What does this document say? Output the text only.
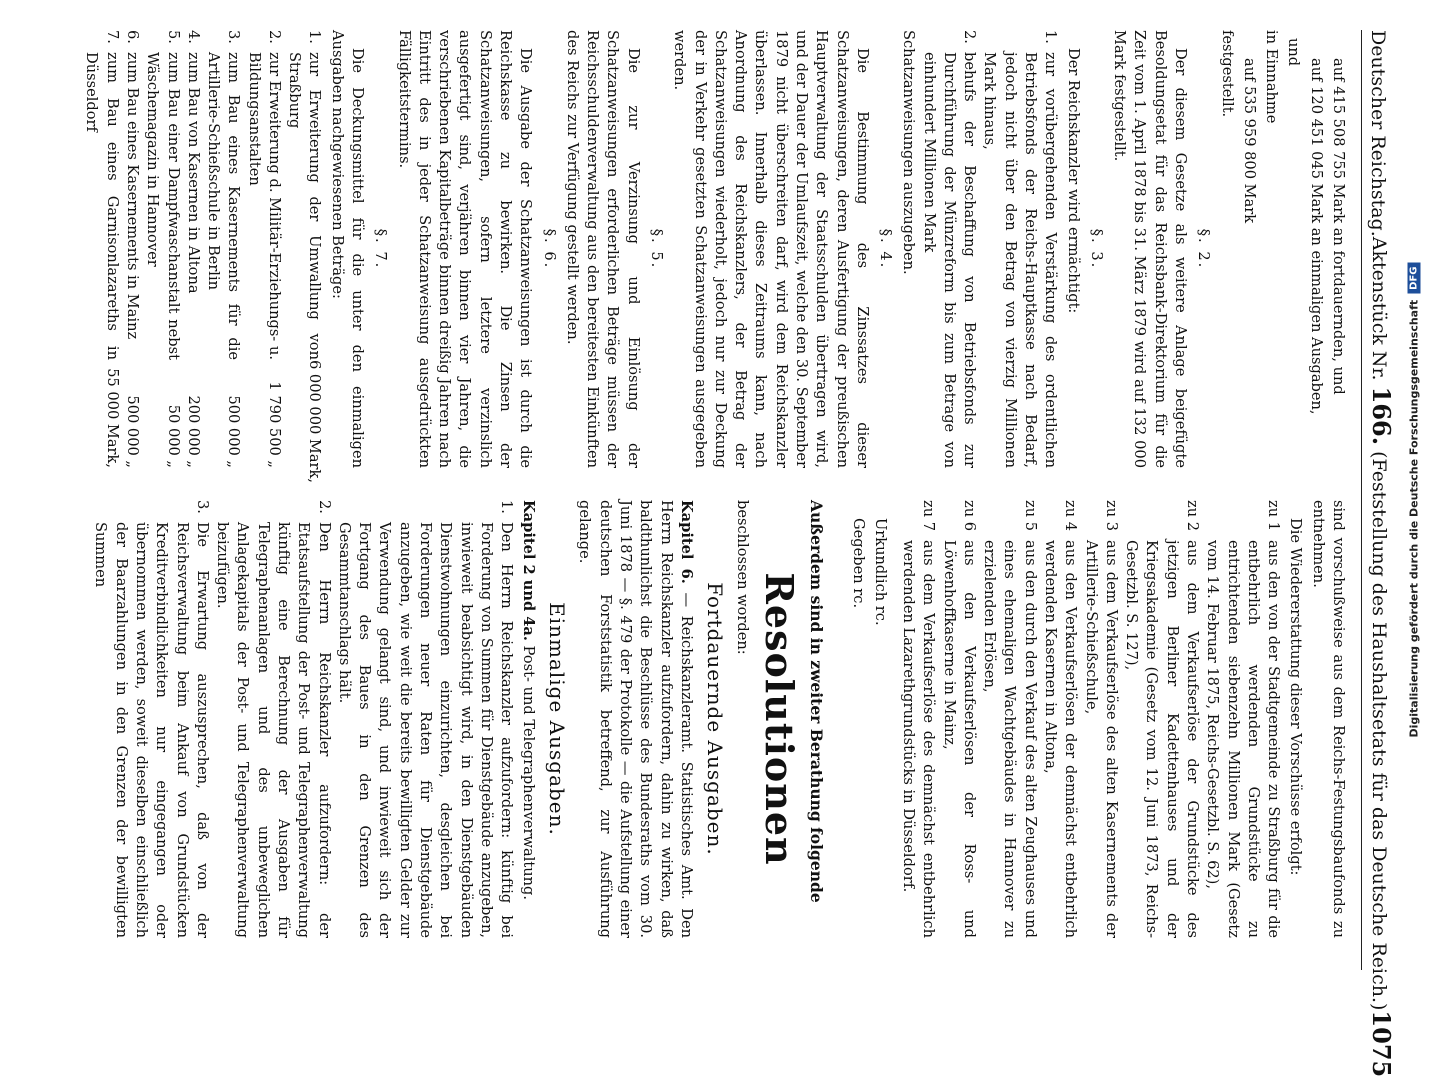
Deutscher Reichstag.
Aktenstück Nr. 166. (Feststellung des Haushaltsetats für das Deutsche Reich.)
1075

auf 415 508 755 Mark an fortdauernden, und

auf 120 451 045 Mark an einmaligen Ausgaben,

und

in Einnahme

auf 535 959 800 Mark

festgestellt.

§. 2.

Der diesem Gesetze als weitere Anlage beigefügte Besoldungsetat für das Reichsbank-Direktorium für die Zeit vom 1. April 1878 bis 31. März 1879 wird auf 132 000 Mark festgestellt.

§. 3.

Der Reichskanzler wird ermächtigt:

1.
zur vorübergehenden Verstärkung des ordentlichen Betriebsfonds der Reichs-Hauptkasse nach Bedarf, jedoch nicht über den Betrag von vierzig Millionen Mark hinaus,
2.
behufs der Beschaffung von Betriebsfonds zur Durchführung der Münzreform bis zum Betrage von einhundert Millionen Mark

Schatzanweisungen auszugeben.

§. 4.

Die Bestimmung des Zinssatzes dieser Schatzanweisungen, deren Ausfertigung der preußischen Hauptverwaltung der Staatsschulden übertragen wird, und der Dauer der Umlaufszeit, welche den 30. September 1879 nicht überschreiten darf, wird dem Reichskanzler überlassen. Innerhalb dieses Zeitraums kann, nach Anordnung des Reichskanzlers, der Betrag der Schatzanweisungen wiederholt, jedoch nur zur Deckung der in Verkehr gesetzten Schatzanweisungen ausgegeben werden.

§. 5.

Die zur Verzinsung und Einlösung der Schatzanweisungen erforderlichen Beträge müssen der Reichsschuldenverwaltung aus den bereitesten Einkünften des Reichs zur Verfügung gestellt werden.

§. 6.

Die Ausgabe der Schatzanweisungen ist durch die Reichskasse zu bewirken. Die Zinsen der Schatzanweisungen, sofern letztere verzinslich ausgefertigt sind, verjähren binnen vier Jahren, die verschriebenen Kapitalbeträge binnen dreißig Jahren nach Eintritt des in jeder Schatzanweisung ausgedrückten Fälligkeitstermins.

§. 7.

Die Deckungsmittel für die unter den einmaligen Ausgaben nachgewiesenen Beträge:

1.
zur Erweiterung der Umwallung von Straßburg
6 000 000 Mark,
2.
zur Erweiterung d. Militär-Erziehungs- u. Bildungsanstalten
1 790 500 „
3.
zum Bau eines Kasernements für die Artillerie-Schießschule in Berlin
500 000 „
4.
zum Bau von Kasernen in Altona
200 000 „
5.
zum Bau einer Dampfwaschanstalt nebst Wäschemagazin in Hannover
50 000 „
6.
zum Bau eines Kasernements in Mainz
500 000 „
7.
zum Bau eines Garnisonlazareths in Düsseldorf
55 000 Mark,

sind vorschußweise aus dem Reichs-Festungsbaufonds zu entnehmen.

Die Wiedererstattung dieser Vorschüsse erfolgt:

zu 1
aus den von der Stadtgemeinde zu Straßburg für die entbehrlich werdenden Grundstücke zu entrichtenden siebenzehn Millionen Mark (Gesetz vom 14. Februar 1875, Reichs-Gesetzbl. S. 62),
zu 2
aus dem Verkaufserlöse der Grundstücke des jetzigen Berliner Kadettenhauses und der Kriegsakademie (Gesetz vom 12. Juni 1873, Reichs-Gesetzbl. S. 127),
zu 3
aus dem Verkaufserlöse des alten Kasernements der Artillerie-Schießschule,
zu 4
aus den Verkaufserlösen der demnächst entbehrlich werdenden Kasernen in Altona,
zu 5
aus den durch den Verkauf des alten Zeughauses und eines ehemaligen Wachtgebäudes in Hannover zu erzielenden Erlösen,
zu 6
aus den Verkaufserlösen der Ross- und Löwenhoffkaserne in Mainz,
zu 7
aus dem Verkaufserlöse des demnächst entbehrlich werdenden Lazarethgrundstücks in Düsseldorf.

Urkundlich rc.

Gegeben rc.

Außerdem sind in zweiter Berathung folgende

Resolutionen

beschlossen worden:

Fortdauernde Ausgaben.

Kapitel 6. — Reichskanzleramt. Statistisches Amt. Den Herrn Reichskanzler aufzufordern, dahin zu wirken, daß baldthunlichst die Beschlüsse des Bundesraths vom 30. Juni 1878 — §. 479 der Protokolle — die Aufstellung einer deutschen Forststatistik betreffend, zur Ausführung gelange.

Einmalige Ausgaben.

Kapitel 2 und 4a. Post- und Telegraphenverwaltung.

1.
Den Herrn Reichskanzler aufzufordern: künftig bei Forderung von Summen für Dienstgebäude anzugeben, inwieweit beabsichtigt wird, in den Dienstgebäuden Dienstwohnungen einzurichten, desgleichen bei Forderungen neuer Raten für Dienstgebäude anzugeben, wie weit die bereits bewilligten Gelder zur Verwendung gelangt sind, und inwieweit sich der Fortgang des Baues in den Grenzen des Gesammtanschlags hält.
2.
Den Herrn Reichskanzler aufzufordern: der Etatsaufstellung der Post- und Telegraphenverwaltung künftig eine Berechnung der Ausgaben für Telegraphenanlagen und des unbeweglichen Anlagekapitals der Post- und Telegraphenverwaltung beizufügen.
3.
Die Erwartung auszusprechen, daß von der Reichsverwaltung beim Ankauf von Grundstücken Kreditverbindlichkeiten nur eingegangen oder übernommen werden, soweit dieselben einschließlich der Baarzahlungen in den Grenzen der bewilligten Summen	Digitalisierung gefördert durch die Deutsche Forschungsgemeinschaft
DFG
